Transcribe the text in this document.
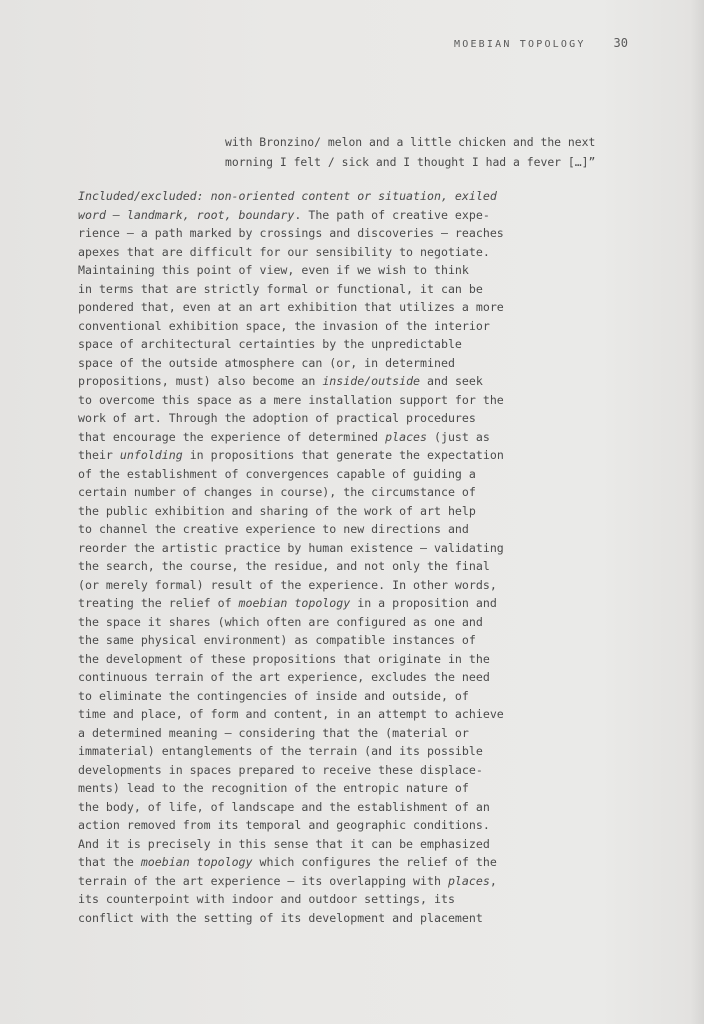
MOEBIAN TOPOLOGY 30
with Bronzino/ melon and a little chicken and the next
morning I felt / sick and I thought I had a fever […]”
Included/excluded: non-oriented content or situation, exiled
word – landmark, root, boundary. The path of creative expe-
rience – a path marked by crossings and discoveries – reaches
apexes that are difficult for our sensibility to negotiate.
Maintaining this point of view, even if we wish to think
in terms that are strictly formal or functional, it can be
pondered that, even at an art exhibition that utilizes a more
conventional exhibition space, the invasion of the interior
space of architectural certainties by the unpredictable
space of the outside atmosphere can (or, in determined
propositions, must) also become an inside/outside and seek
to overcome this space as a mere installation support for the
work of art. Through the adoption of practical procedures
that encourage the experience of determined places (just as
their unfolding in propositions that generate the expectation
of the establishment of convergences capable of guiding a
certain number of changes in course), the circumstance of
the public exhibition and sharing of the work of art help
to channel the creative experience to new directions and
reorder the artistic practice by human existence – validating
the search, the course, the residue, and not only the final
(or merely formal) result of the experience. In other words,
treating the relief of moebian topology in a proposition and
the space it shares (which often are configured as one and
the same physical environment) as compatible instances of
the development of these propositions that originate in the
continuous terrain of the art experience, excludes the need
to eliminate the contingencies of inside and outside, of
time and place, of form and content, in an attempt to achieve
a determined meaning – considering that the (material or
immaterial) entanglements of the terrain (and its possible
developments in spaces prepared to receive these displace-
ments) lead to the recognition of the entropic nature of
the body, of life, of landscape and the establishment of an
action removed from its temporal and geographic conditions.
And it is precisely in this sense that it can be emphasized
that the moebian topology which configures the relief of the
terrain of the art experience – its overlapping with places,
its counterpoint with indoor and outdoor settings, its
conflict with the setting of its development and placement
